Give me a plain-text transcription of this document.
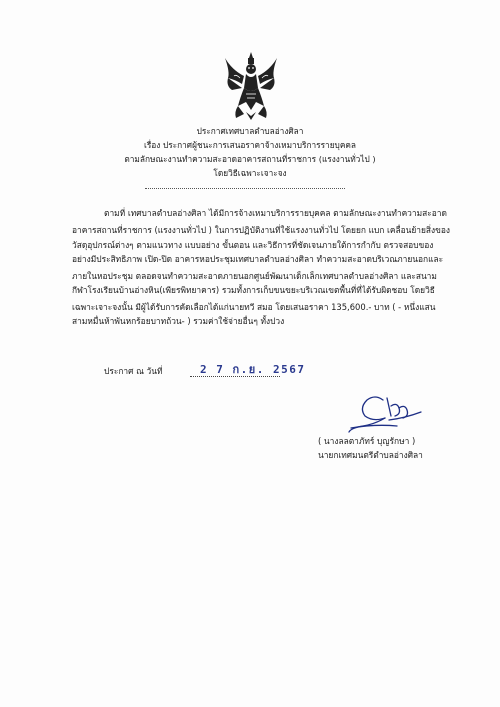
ประกาศเทศบาลตำบลอ่างศิลา
เรื่อง ประกาศผู้ชนะการเสนอราคาจ้างเหมาบริการรายบุคคล
ตามลักษณะงานทำความสะอาดอาคารสถานที่ราชการ (แรงงานทั่วไป )
โดยวิธีเฉพาะเจาะจง
ตามที่ เทศบาลตำบลอ่างศิลา ได้มีการจ้างเหมาบริการรายบุคคล ตามลักษณะงานทำความสะอาด
อาคารสถานที่ราชการ (แรงงานทั่วไป ) ในการปฏิบัติงานที่ใช้แรงงานทั่วไป โดยยก แบก เคลื่อนย้ายสิ่งของ
วัสดุอุปกรณ์ต่างๆ ตามแนวทาง แบบอย่าง ขั้นตอน และวิธีการที่ชัดเจนภายใต้การกำกับ ตรวจสอบของ
อย่างมีประสิทธิภาพ เปิด-ปิด อาคารหอประชุมเทศบาลตำบลอ่างศิลา ทำความสะอาดบริเวณภายนอกและ
ภายในหอประชุม ตลอดจนทำความสะอาดภายนอกศูนย์พัฒนาเด็กเล็กเทศบาลตำบลอ่างศิลา และสนาม
กีฬาโรงเรียนบ้านอ่างหิน(เพียรพิทยาคาร) รวมทั้งการเก็บขนขยะบริเวณเขตพื้นที่ที่ได้รับผิดชอบ โดยวิธี
เฉพาะเจาะจงนั้น มีผู้ได้รับการคัดเลือกได้แก่นายทวี สมอ โดยเสนอราคา 135,600.- บาท ( - หนึ่งแสน
สามหมื่นห้าพันหกร้อยบาทถ้วน- ) รวมค่าใช้จ่ายอื่นๆ ทั้งปวง
ประกาศ ณ วันที่	2 7 ก.ย. 2567
( นางลลตาภัทร์ บุญรักษา )
นายกเทศมนตรีตำบลอ่างศิลา
